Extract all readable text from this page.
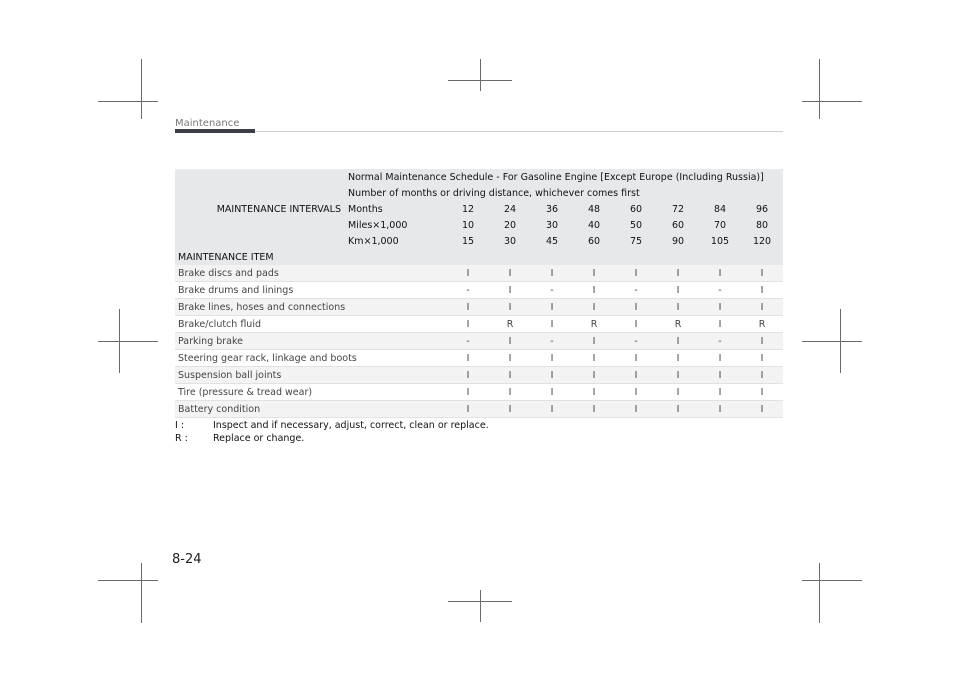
Maintenance
MAINTENANCE INTERVALS	Normal Maintenance Schedule - For Gasoline Engine [Except Europe (Including Russia)]								
	Number of months or driving distance, whichever comes first								
	Months	12	24	36	48	60	72	84	96
	Miles×1,000	10	20	30	40	50	60	70	80
	Km×1,000	15	30	45	60	75	90	105	120
MAINTENANCE ITEM									
Brake discs and pads		I	I	I	I	I	I	I	I
Brake drums and linings		-	I	-	I	-	I	-	I
Brake lines, hoses and connections		I	I	I	I	I	I	I	I
Brake/clutch fluid		I	R	I	R	I	R	I	R
Parking brake		-	I	-	I	-	I	-	I
Steering gear rack, linkage and boots		I	I	I	I	I	I	I	I
Suspension ball joints		I	I	I	I	I	I	I	I
Tire (pressure & tread wear)		I	I	I	I	I	I	I	I
Battery condition		I	I	I	I	I	I	I	I
I :	Inspect and if necessary, adjust, correct, clean or replace.
R :	Replace or change.
8-24
